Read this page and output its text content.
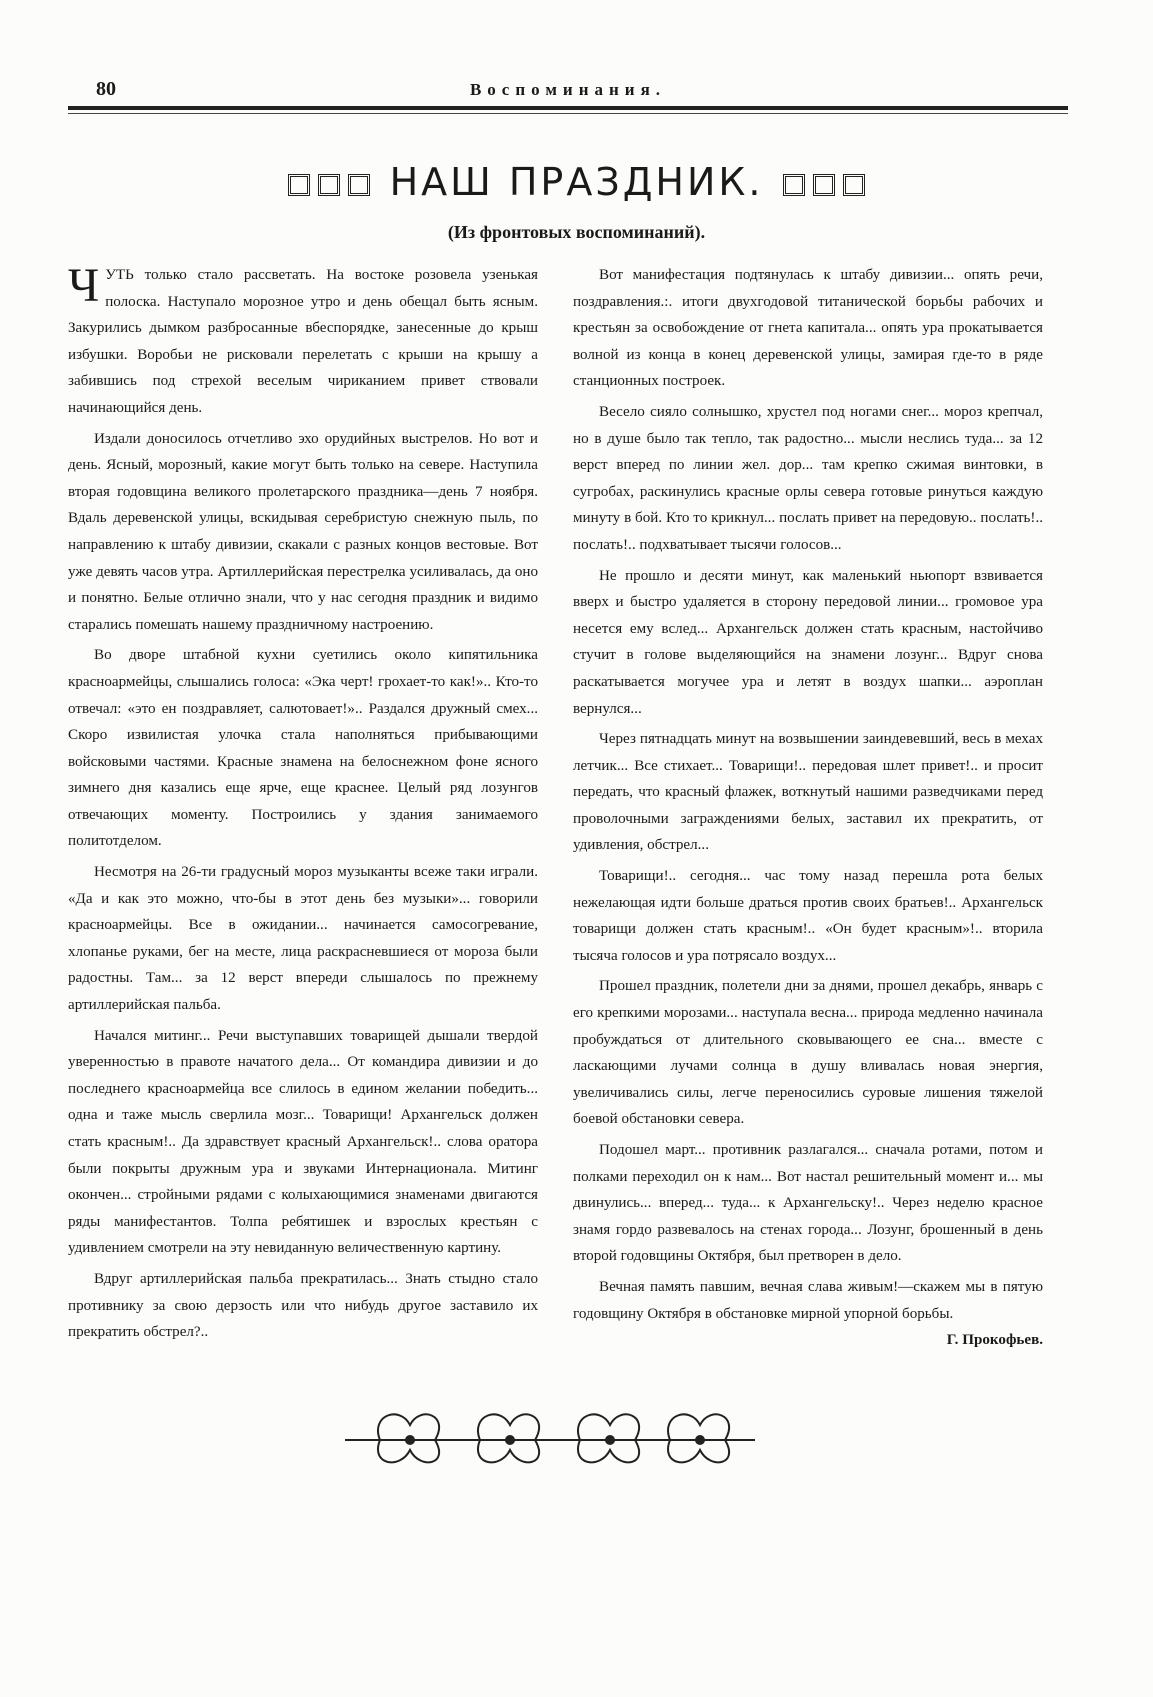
80	Воспоминания.
НАШ ПРАЗДНИК.
(Из фронтовых воспоминаний).

ЧУТЬ только стало рассветать. На востоке розовела узенькая полоска. Наступало морозное утро и день обещал быть ясным. Закурились дымком разбросанные вбеспорядке, занесенные до крыш избушки. Воробьи не рисковали перелетать с крыши на крышу а забившись под стрехой веселым чириканием привет ствовали начинающийся день.

Издали доносилось отчетливо эхо орудийных выстрелов. Но вот и день. Ясный, морозный, какие могут быть только на севере. Наступила вторая годовщина великого пролетарского праздника—день 7 ноября. Вдаль деревенской улицы, вскидывая серебристую снежную пыль, по направлению к штабу дивизии, скакали с разных концов вестовые. Вот уже девять часов утра. Артиллерийская перестрелка усиливалась, да оно и понятно. Белые отлично знали, что у нас сегодня праздник и видимо старались помешать нашему праздничному настроению.

Во дворе штабной кухни суетились около кипятильника красноармейцы, слышались голоса: «Эка черт! грохает-то как!».. Кто-то отвечал: «это ен поздравляет, салютовает!».. Раздался дружный смех... Скоро извилистая улочка стала наполняться прибывающими войсковыми частями. Красные знамена на белоснежном фоне ясного зимнего дня казались еще ярче, еще краснее. Целый ряд лозунгов отвечающих моменту. Построились у здания занимаемого политотделом.

Несмотря на 26-ти градусный мороз музыканты всеже таки играли. «Да и как это можно, что-бы в этот день без музыки»... говорили красноармейцы. Все в ожидании... начинается самосогревание, хлопанье руками, бег на месте, лица раскрасневшиеся от мороза были радостны. Там... за 12 верст впереди слышалось по прежнему артиллерийская пальба.

Начался митинг... Речи выступавших товарищей дышали твердой уверенностью в правоте начатого дела... От командира дивизии и до последнего красноармейца все слилось в едином желании победить... одна и таже мысль сверлила мозг... Товарищи! Архангельск должен стать красным!.. Да здравствует красный Архангельск!.. слова оратора были покрыты дружным ура и звуками Интернационала. Митинг окончен... стройными рядами с колыхающимися знаменами двигаются ряды манифестантов. Толпа ребятишек и взрослых крестьян с удивлением смотрели на эту невиданную величественную картину.

Вдруг артиллерийская пальба прекратилась... Знать стыдно стало противнику за свою дерзость или что нибудь другое заставило их прекратить обстрел?..

Вот манифестация подтянулась к штабу дивизии... опять речи, поздравления.:. итоги двухгодовой титанической борьбы рабочих и крестьян за освобождение от гнета капитала... опять ура прокатывается волной из конца в конец деревенской улицы, замирая где-то в ряде станционных построек.

Весело сияло солнышко, хрустел под ногами снег... мороз крепчал, но в душе было так тепло, так радостно... мысли неслись туда... за 12 верст вперед по линии жел. дор... там крепко сжимая винтовки, в сугробах, раскинулись красные орлы севера готовые ринуться каждую минуту в бой. Кто то крикнул... послать привет на передовую.. послать!.. послать!.. подхватывает тысячи голосов...

Не прошло и десяти минут, как маленький ньюпорт взвивается вверх и быстро удаляется в сторону передовой линии... громовое ура несется ему вслед... Архангельск должен стать красным, настойчиво стучит в голове выделяющийся на знамени лозунг... Вдруг снова раскатывается могучее ура и летят в воздух шапки... аэроплан вернулся...

Через пятнадцать минут на возвышении заиндевевший, весь в мехах летчик... Все стихает... Товарищи!.. передовая шлет привет!.. и просит передать, что красный флажек, воткнутый нашими разведчиками перед проволочными заграждениями белых, заставил их прекратить, от удивления, обстрел...

Товарищи!.. сегодня... час тому назад перешла рота белых нежелающая идти больше драться против своих братьев!.. Архангельск товарищи должен стать красным!.. «Он будет красным»!.. вторила тысяча голосов и ура потрясало воздух...

Прошел праздник, полетели дни за днями, прошел декабрь, январь с его крепкими морозами... наступала весна... природа медленно начинала пробуждаться от длительного сковывающего ее сна... вместе с ласкающими лучами солнца в душу вливалась новая энергия, увеличивались силы, легче переносились суровые лишения тяжелой боевой обстановки севера.

Подошел март... противник разлагался... сначала ротами, потом и полками переходил он к нам... Вот настал решительный момент и... мы двинулись... вперед... туда... к Архангельску!.. Через неделю красное знамя гордо развевалось на стенах города... Лозунг, брошенный в день второй годовщины Октября, был претворен в дело.

Вечная память павшим, вечная слава живым!—скажем мы в пятую годовщину Октября в обстановке мирной упорной борьбы.

Г. Прокофьев.
